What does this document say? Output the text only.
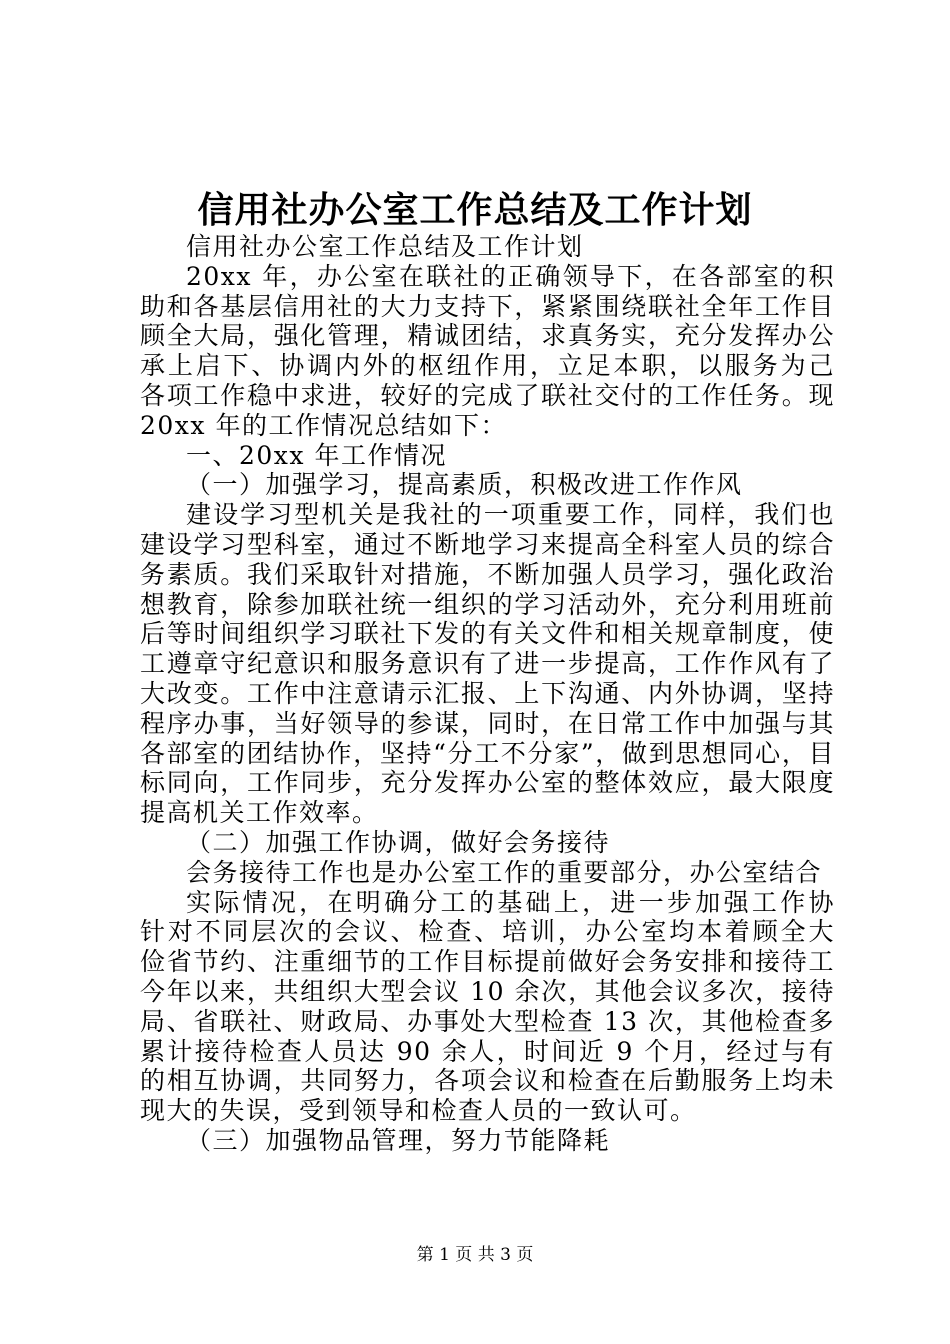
信用社办公室工作总结及工作计划
信用社办公室工作总结及工作计划
20xx 年，办公室在联社的正确领导下，在各部室的积
助和各基层信用社的大力支持下，紧紧围绕联社全年工作目
顾全大局，强化管理，精诚团结，求真务实，充分发挥办公
承上启下、协调内外的枢纽作用，立足本职，以服务为己
各项工作稳中求进，较好的完成了联社交付的工作任务。现
20xx 年的工作情况总结如下：
一、20xx 年工作情况
（一）加强学习，提高素质，积极改进工作作风
建设学习型机关是我社的一项重要工作，同样，我们也
建设学习型科室，通过不断地学习来提高全科室人员的综合
务素质。我们采取针对措施，不断加强人员学习，强化政治
想教育，除参加联社统一组织的学习活动外，充分利用班前
后等时间组织学习联社下发的有关文件和相关规章制度，使
工遵章守纪意识和服务意识有了进一步提高，工作作风有了
大改变。工作中注意请示汇报、上下沟通、内外协调，坚持
程序办事，当好领导的参谋，同时，在日常工作中加强与其
各部室的团结协作，坚持“分工不分家”，做到思想同心，目
标同向，工作同步，充分发挥办公室的整体效应，最大限度
提高机关工作效率。
（二）加强工作协调，做好会务接待
会务接待工作也是办公室工作的重要部分，办公室结合
实际情况，在明确分工的基础上，进一步加强工作协
针对不同层次的会议、检查、培训，办公室均本着顾全大
俭省节约、注重细节的工作目标提前做好会务安排和接待工
今年以来，共组织大型会议 10 余次，其他会议多次，接待
局、省联社、财政局、办事处大型检查 13 次，其他检查多
累计接待检查人员达 90 余人，时间近 9 个月，经过与有
的相互协调，共同努力，各项会议和检查在后勤服务上均未
现大的失误，受到领导和检查人员的一致认可。
（三）加强物品管理，努力节能降耗
第 1 页 共 3 页
